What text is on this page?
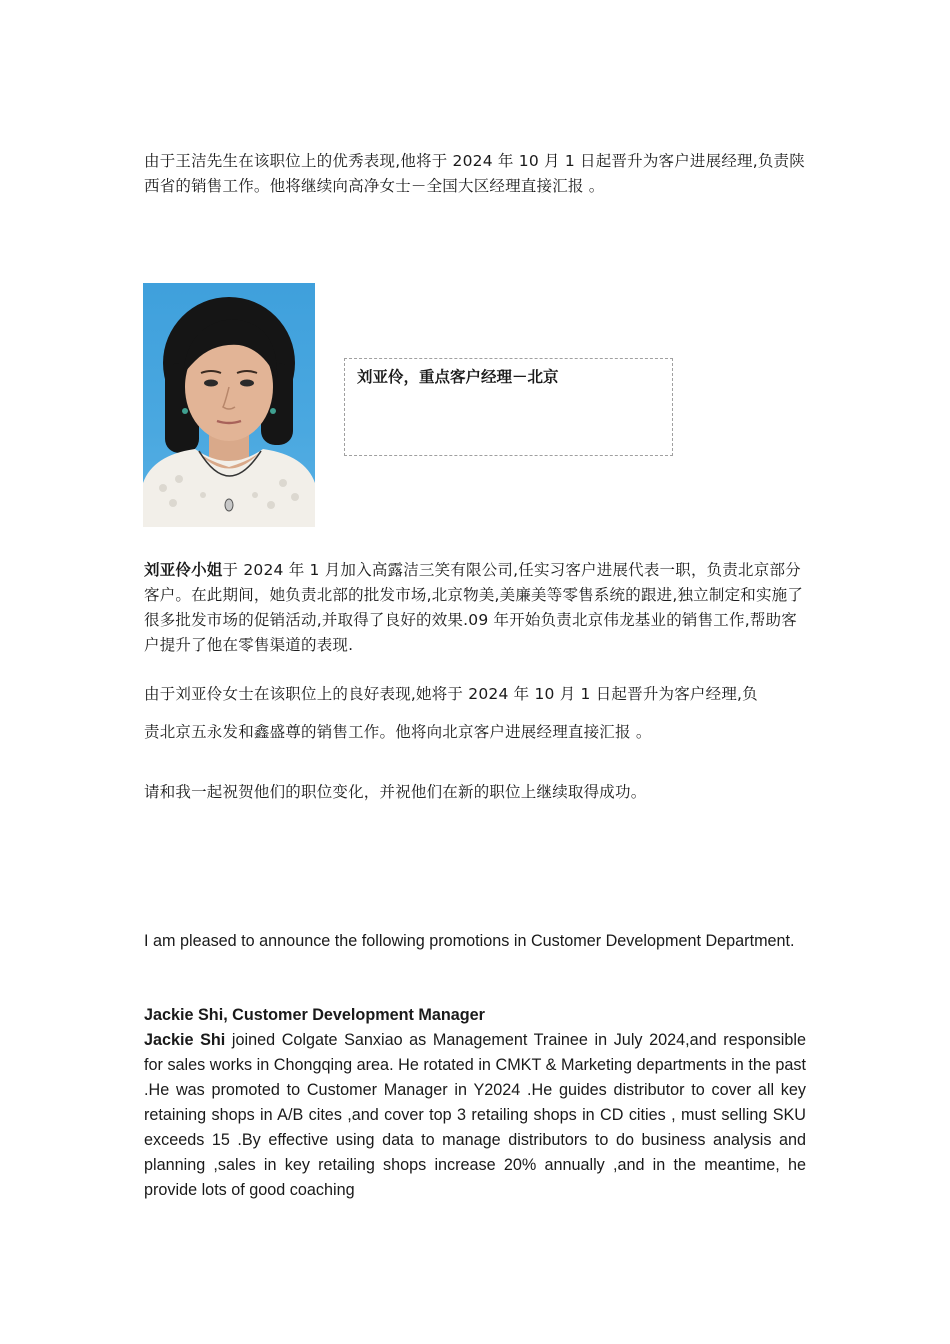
由于王洁先生在该职位上的优秀表现,他将于 2024 年 10 月 1 日起晋升为客户进展经理,负责陕西省的销售工作。他将继续向高净女士－全国大区经理直接汇报 。

刘亚伶，重点客户经理－北京

刘亚伶小姐于 2024 年 1 月加入高露洁三笑有限公司,任实习客户进展代表一职，负责北京部分客户。在此期间，她负责北部的批发市场,北京物美,美廉美等零售系统的跟进,独立制定和实施了很多批发市场的促销活动,并取得了良好的效果.09 年开始负责北京伟龙基业的销售工作,帮助客户提升了他在零售渠道的表现.

由于刘亚伶女士在该职位上的良好表现,她将于 2024 年 10 月 1 日起晋升为客户经理,负

责北京五永发和鑫盛尊的销售工作。他将向北京客户进展经理直接汇报 。

请和我一起祝贺他们的职位变化，并祝他们在新的职位上继续取得成功。

I am pleased to announce the following promotions in Customer Development Department.

Jackie Shi, Customer Development Manager

Jackie Shi joined Colgate Sanxiao as Management Trainee in July 2024,and responsible for sales works in Chongqing area. He rotated in CMKT & Marketing departments in the past .He was promoted to Customer Manager in Y2024 .He guides distributor to cover all key retaining shops in A/B cites ,and cover top 3 retailing shops in CD cities , must selling SKU exceeds 15 .By effective using data to manage distributors to do business analysis and planning ,sales in key retailing shops increase 20% annually ,and in the meantime, he provide lots of good coaching
